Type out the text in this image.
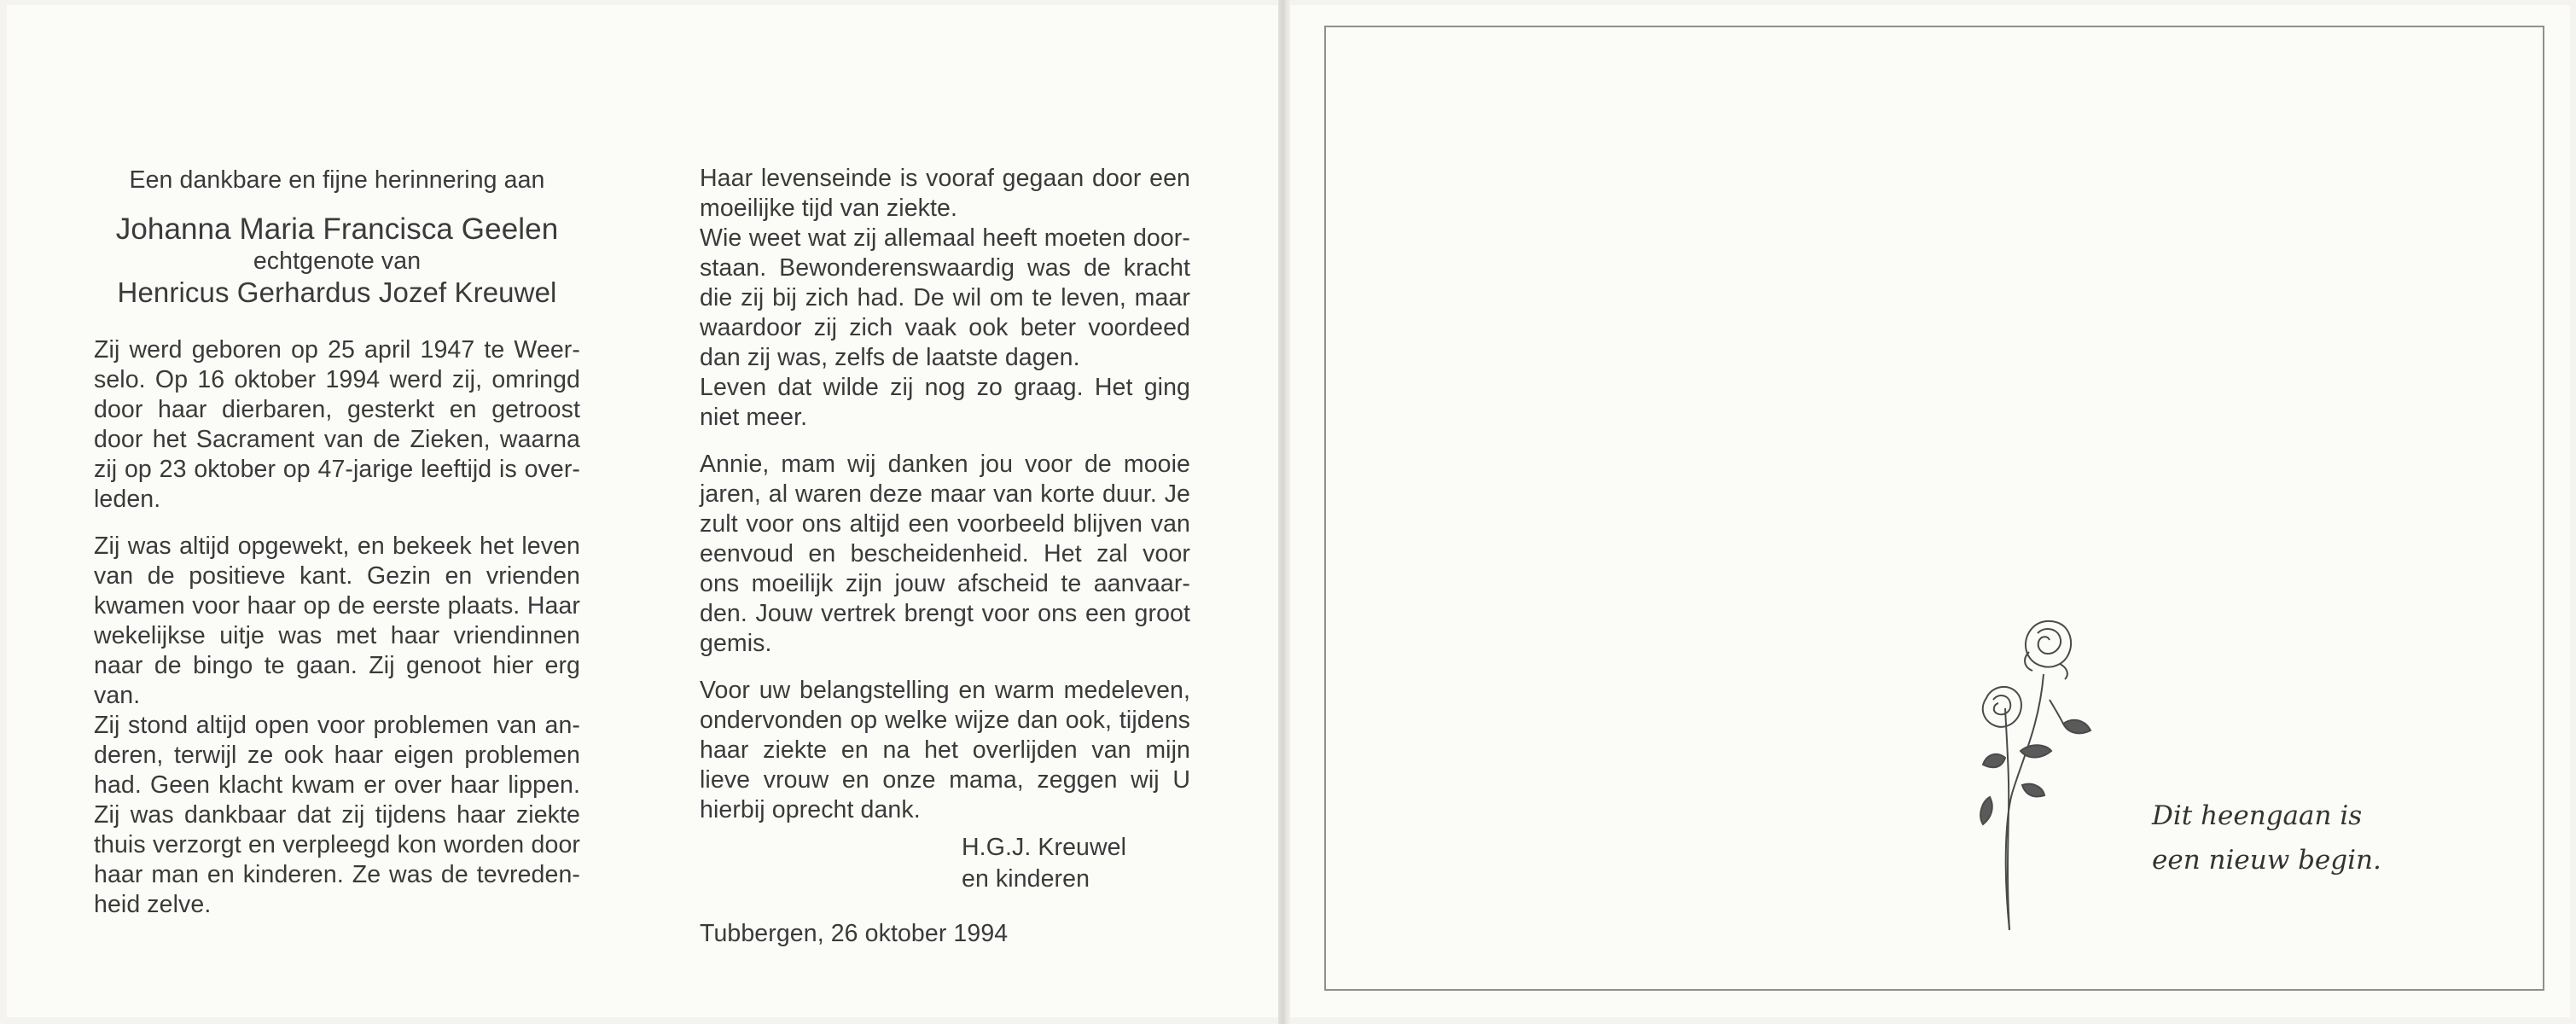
Een dankbare en fijne herinnering aan
Johanna Maria Francisca Geelen
echtgenote van
Henricus Gerhardus Jozef Kreuwel

Zij werd geboren op 25 april 1947 te Weer-selo. Op 16 oktober 1994 werd zij, omringd door haar dierbaren, gesterkt en getroost door het Sacrament van de Zieken, waarna zij op 23 oktober op 47-jarige leeftijd is over-leden.

Zij was altijd opgewekt, en bekeek het leven van de positieve kant. Gezin en vrienden kwamen voor haar op de eerste plaats. Haar wekelijkse uitje was met haar vriendinnen naar de bingo te gaan. Zij genoot hier erg van.
Zij stond altijd open voor problemen van an-deren, terwijl ze ook haar eigen problemen had. Geen klacht kwam er over haar lippen. Zij was dankbaar dat zij tijdens haar ziekte thuis verzorgt en verpleegd kon worden door haar man en kinderen. Ze was de tevreden-heid zelve.

Haar levenseinde is vooraf gegaan door een moeilijke tijd van ziekte.
Wie weet wat zij allemaal heeft moeten door-staan. Bewonderenswaardig was de kracht die zij bij zich had. De wil om te leven, maar waardoor zij zich vaak ook beter voordeed dan zij was, zelfs de laatste dagen.
Leven dat wilde zij nog zo graag. Het ging niet meer.

Annie, mam wij danken jou voor de mooie jaren, al waren deze maar van korte duur. Je zult voor ons altijd een voorbeeld blijven van eenvoud en bescheidenheid. Het zal voor ons moeilijk zijn jouw afscheid te aanvaar-den. Jouw vertrek brengt voor ons een groot gemis.

Voor uw belangstelling en warm medeleven, ondervonden op welke wijze dan ook, tijdens haar ziekte en na het overlijden van mijn lieve vrouw en onze mama, zeggen wij U hierbij oprecht dank.

H.G.J. Kreuwel
en kinderen

Tubbergen, 26 oktober 1994

Dit heengaan is
een nieuw begin.
